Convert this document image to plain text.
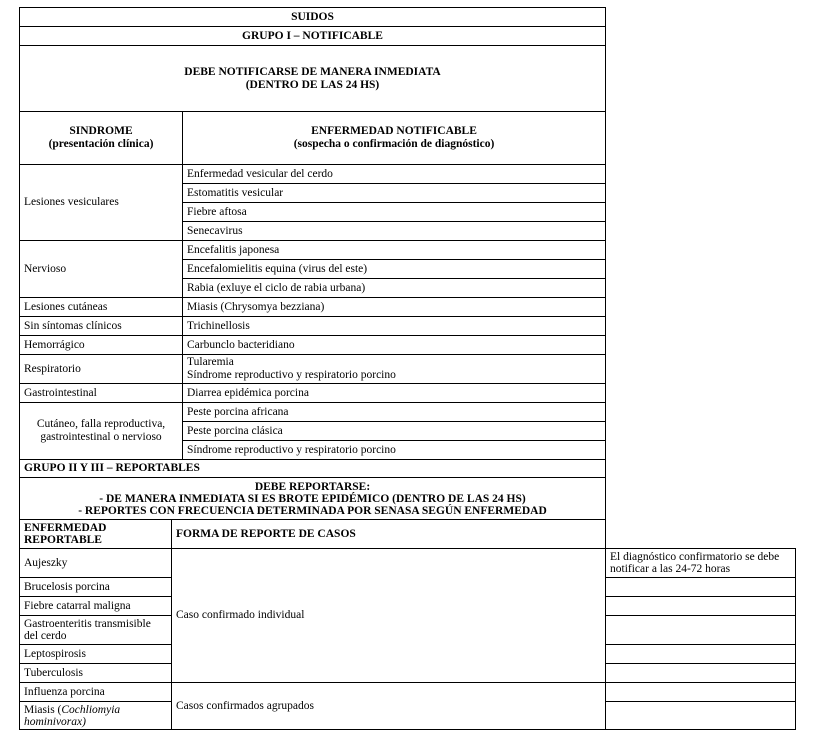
SUIDOS
GRUPO I – NOTIFICABLE
DEBE NOTIFICARSE DE MANERA INMEDIATA
(DENTRO DE LAS 24 HS)
SINDROME
(presentación clínica)
ENFERMEDAD NOTIFICABLE
(sospecha o confirmación de diagnóstico)
Lesiones vesiculares
Nervioso
Lesiones cutáneas
Sin síntomas clínicos
Hemorrágico
Respiratorio
Gastrointestinal
Cutáneo, falla reproductiva,
gastrointestinal o nervioso
Enfermedad vesicular del cerdo
Estomatitis vesicular
Fiebre aftosa
Senecavirus
Encefalitis japonesa
Encefalomielitis equina (virus del este)
Rabia (exluye el ciclo de rabia urbana)
Miasis (Chrysomya bezziana)
Trichinellosis
Carbunclo bacteridiano
Tularemia
Síndrome reproductivo y respiratorio porcino
Diarrea epidémica porcina
Peste porcina africana
Peste porcina clásica
Síndrome reproductivo y respiratorio porcino
GRUPO II Y III – REPORTABLES
DEBE REPORTARSE:
- DE MANERA INMEDIATA SI ES BROTE EPIDÉMICO (DENTRO DE LAS 24 HS)
- REPORTES CON FRECUENCIA DETERMINADA POR SENASA SEGÚN ENFERMEDAD
ENFERMEDAD
REPORTABLE
FORMA DE REPORTE DE CASOS
Aujeszky
Brucelosis porcina
Fiebre catarral maligna
Gastroenteritis transmisible
del cerdo
Leptospirosis
Tuberculosis
Influenza porcina
Miasis (Cochliomyia
hominivorax)
Caso confirmado individual
Casos confirmados agrupados
El diagnóstico confirmatorio se debe
notificar a las 24-72 horas
